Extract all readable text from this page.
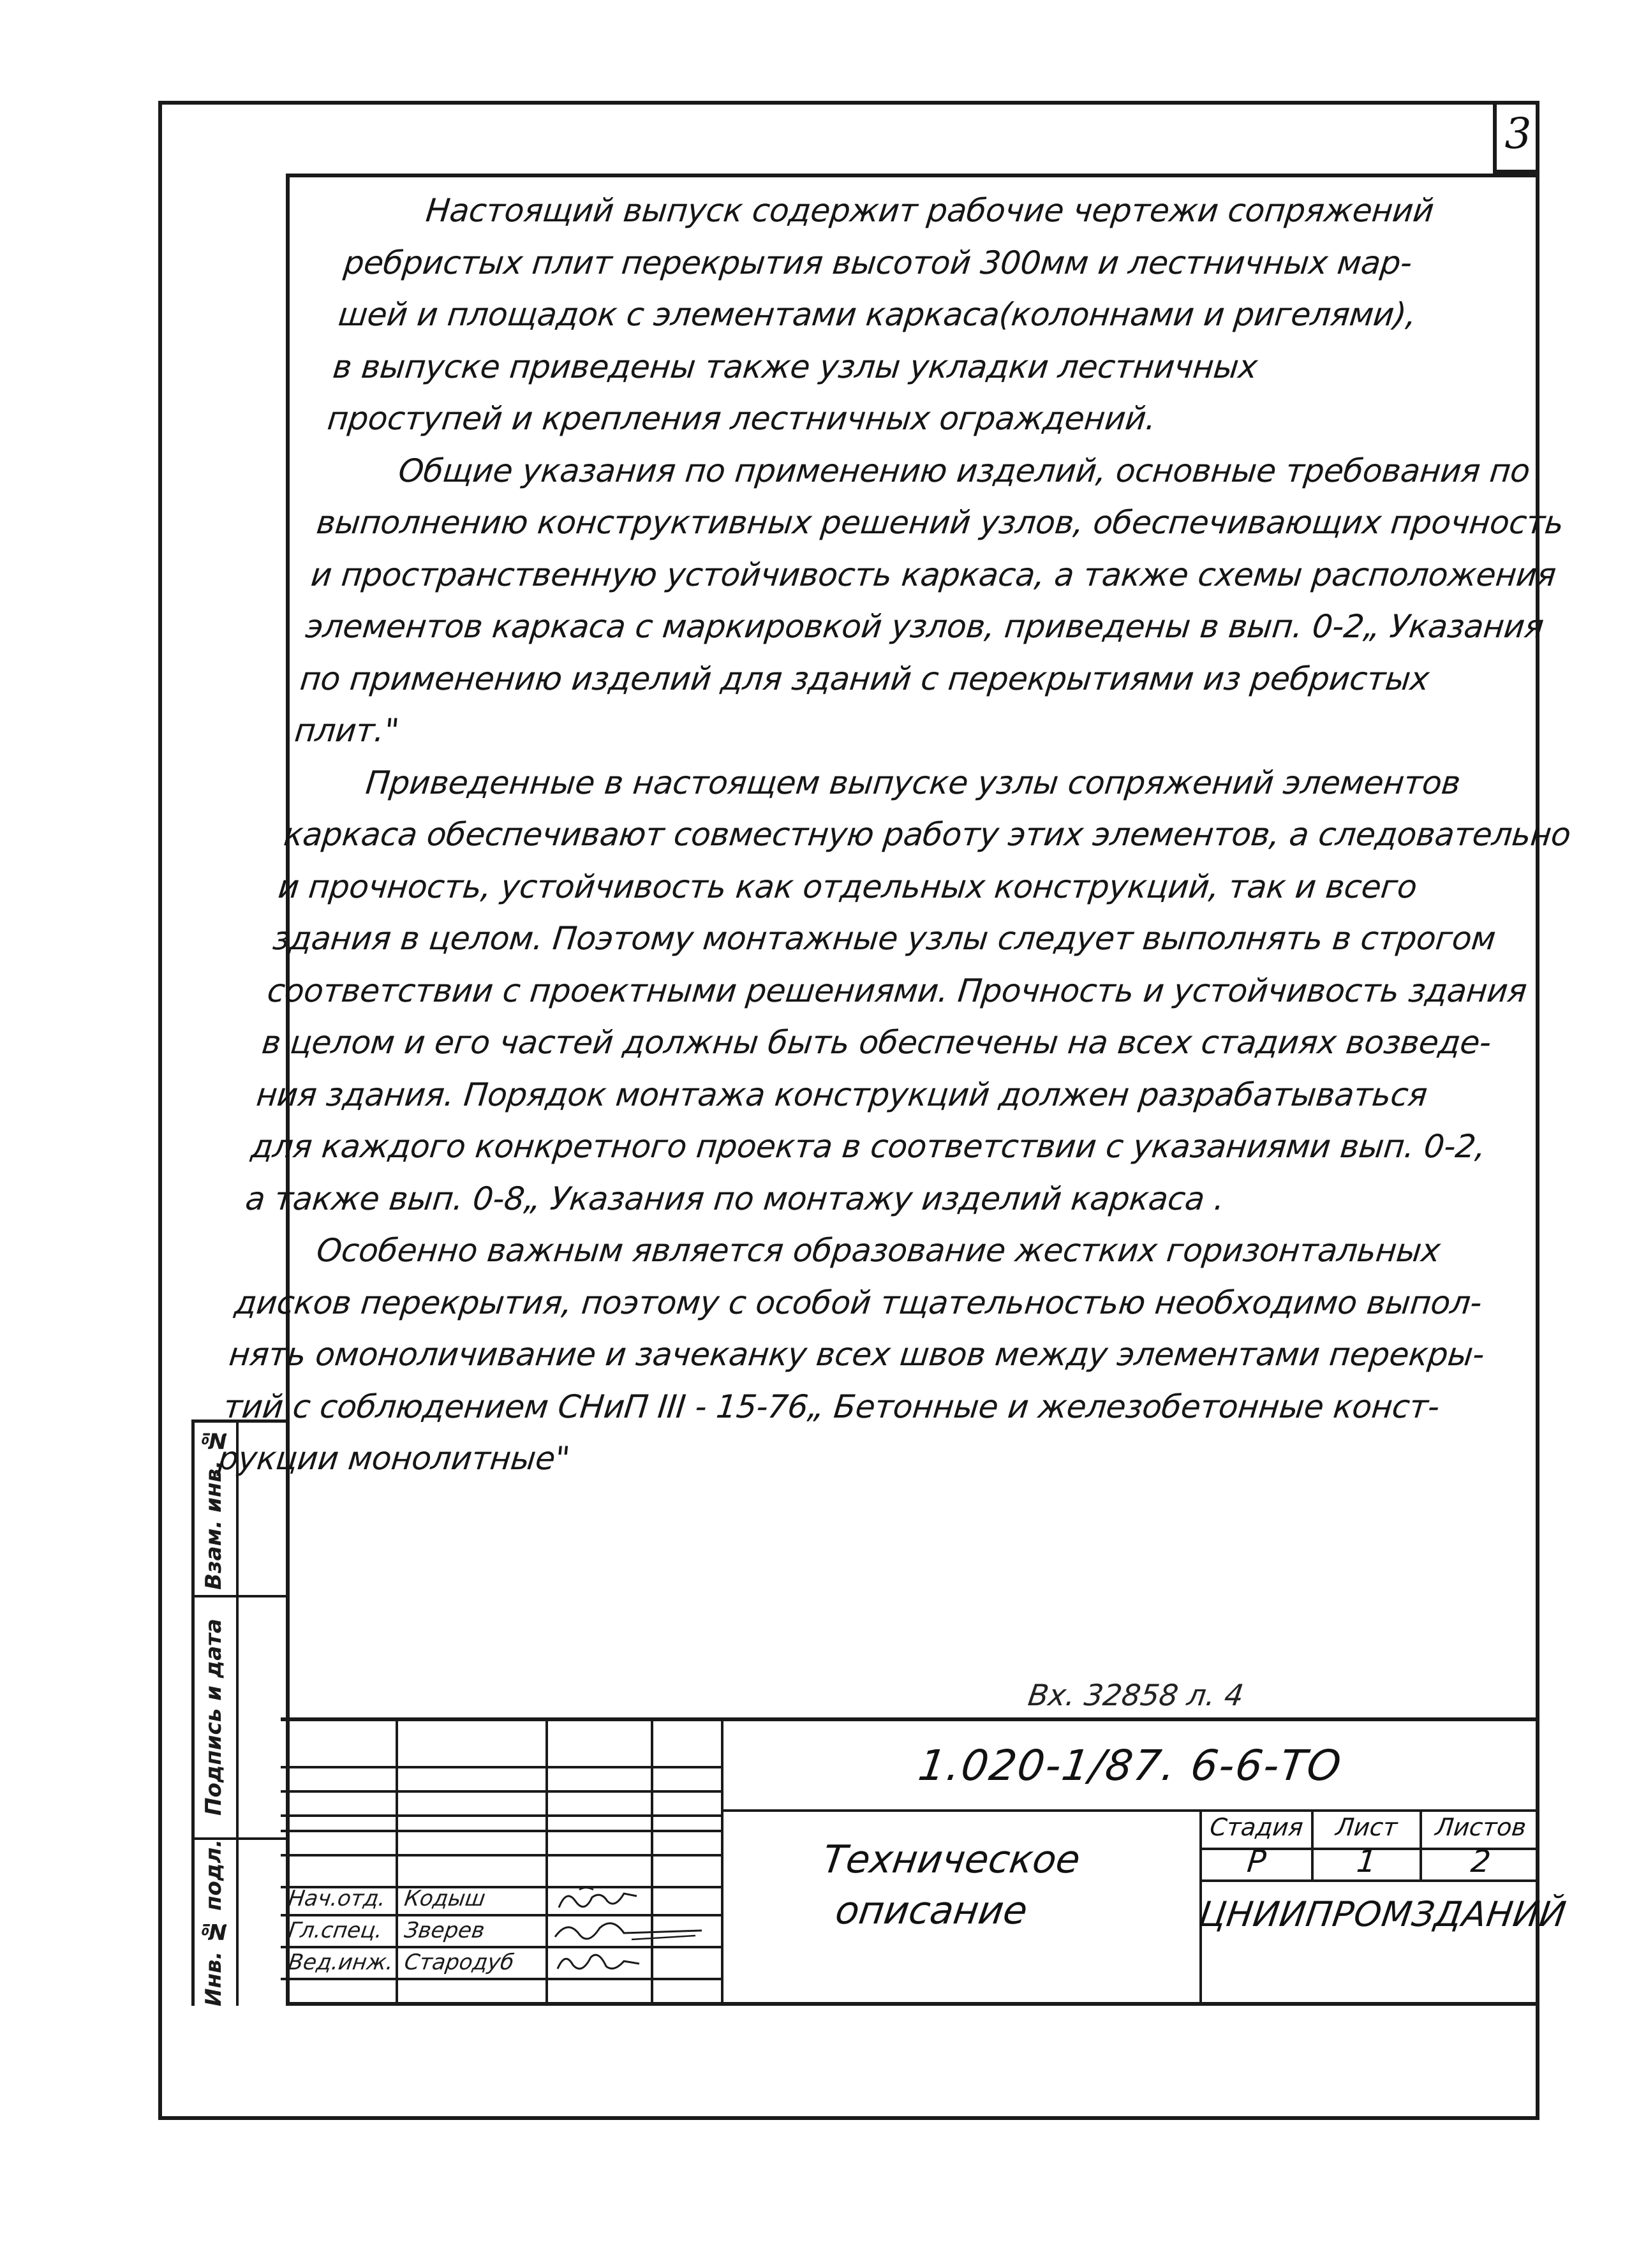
3

Настоящий выпуск содержит рабочие чертежи сопряжений
ребристых плит перекрытия высотой 300мм и лестничных мар-
шей и площадок с элементами каркаса(колоннами и ригелями),
в выпуске приведены также узлы укладки лестничных
проступей и крепления лестничных ограждений.

Общие указания по применению изделий, основные требования по
выполнению конструктивных решений узлов, обеспечивающих прочность
и пространственную устойчивость каркаса, а также схемы расположения
элементов каркаса с маркировкой узлов, приведены в вып. 0-2„ Указания
по применению изделий для зданий с перекрытиями из ребристых
плит."

Приведенные в настоящем выпуске узлы сопряжений элементов
каркаса обеспечивают совместную работу этих элементов, а следовательно
и прочность, устойчивость как отдельных конструкций, так и всего
здания в целом. Поэтому монтажные узлы следует выполнять в строгом
соответствии с проектными решениями. Прочность и устойчивость здания
в целом и его частей должны быть обеспечены на всех стадиях возведе-
ния здания. Порядок монтажа конструкций должен разрабатываться
для каждого конкретного проекта в соответствии с указаниями вып. 0-2,
а также вып. 0-8„ Указания по монтажу изделий каркаса .

Особенно важным является образование жестких горизонтальных
дисков перекрытия, поэтому с особой тщательностью необходимо выпол-
нять омоноличивание и зачеканку всех швов между элементами перекры-
тий с соблюдением СНиП III - 15-76„ Бетонные и железобетонные конст-
рукции монолитные"

Вх. 32858 л. 4
Взам. инв. №
Подпись и дата
Инв. № подл.	Нач.отд. Кодыш
Гл.спец. Зверев
Вед.инж. Стародуб
1.020-1/87. 6-6-ТО
Техническое
описание
Стадия	Лист	Листов
Р	1	2
ЦНИИПРОМЗДАНИЙ
